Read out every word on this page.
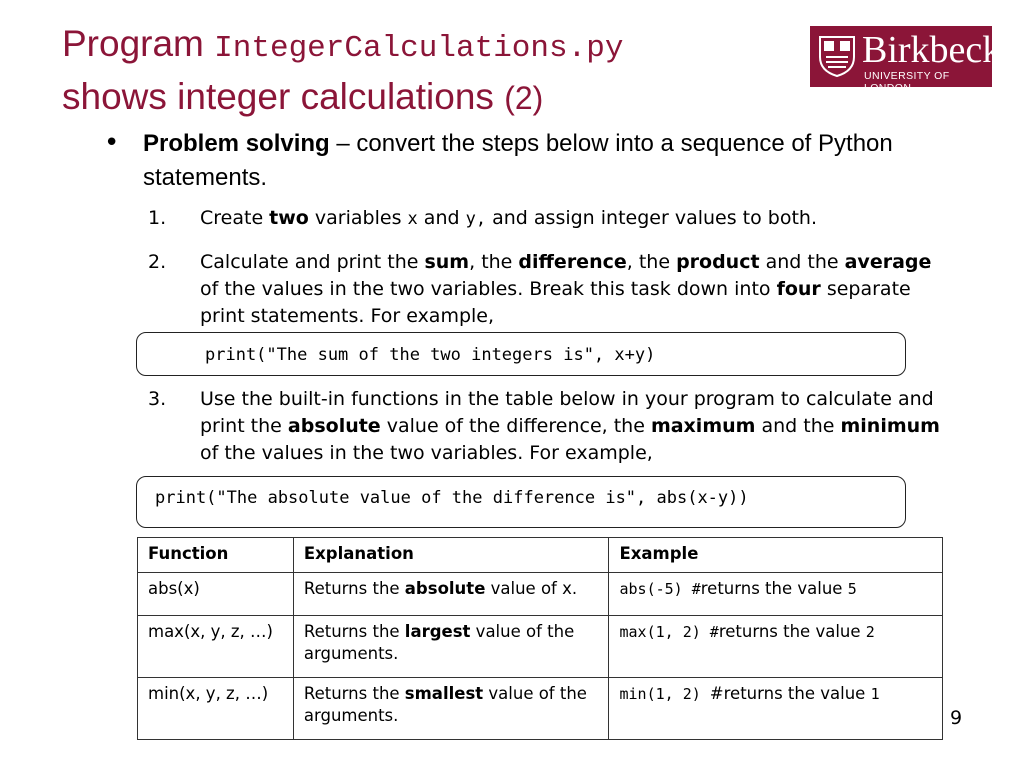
Program IntegerCalculations.py
shows integer calculations (2)
Birkbeck
UNIVERSITY OF LONDON
• Problem solving – convert the steps below into a sequence of Python statements.
1. Create two variables x and y, and assign integer values to both.
2. Calculate and print the sum, the difference, the product and the average of the values in the two variables. Break this task down into four separate print statements. For example,
print("The sum of the two integers is", x+y)
3. Use the built-in functions in the table below in your program to calculate and print the absolute value of the difference, the maximum and the minimum of the values in the two variables. For example,
print("The absolute value of the difference is", abs(x-y))
Function	Explanation	Example
abs(x)	Returns the absolute value of x.	abs(-5) #returns the value 5
max(x, y, z, …)	Returns the largest value of the arguments.	max(1, 2) #returns the value 2
min(x, y, z, …)	Returns the smallest value of the arguments.	min(1, 2) #returns the value 1
9
